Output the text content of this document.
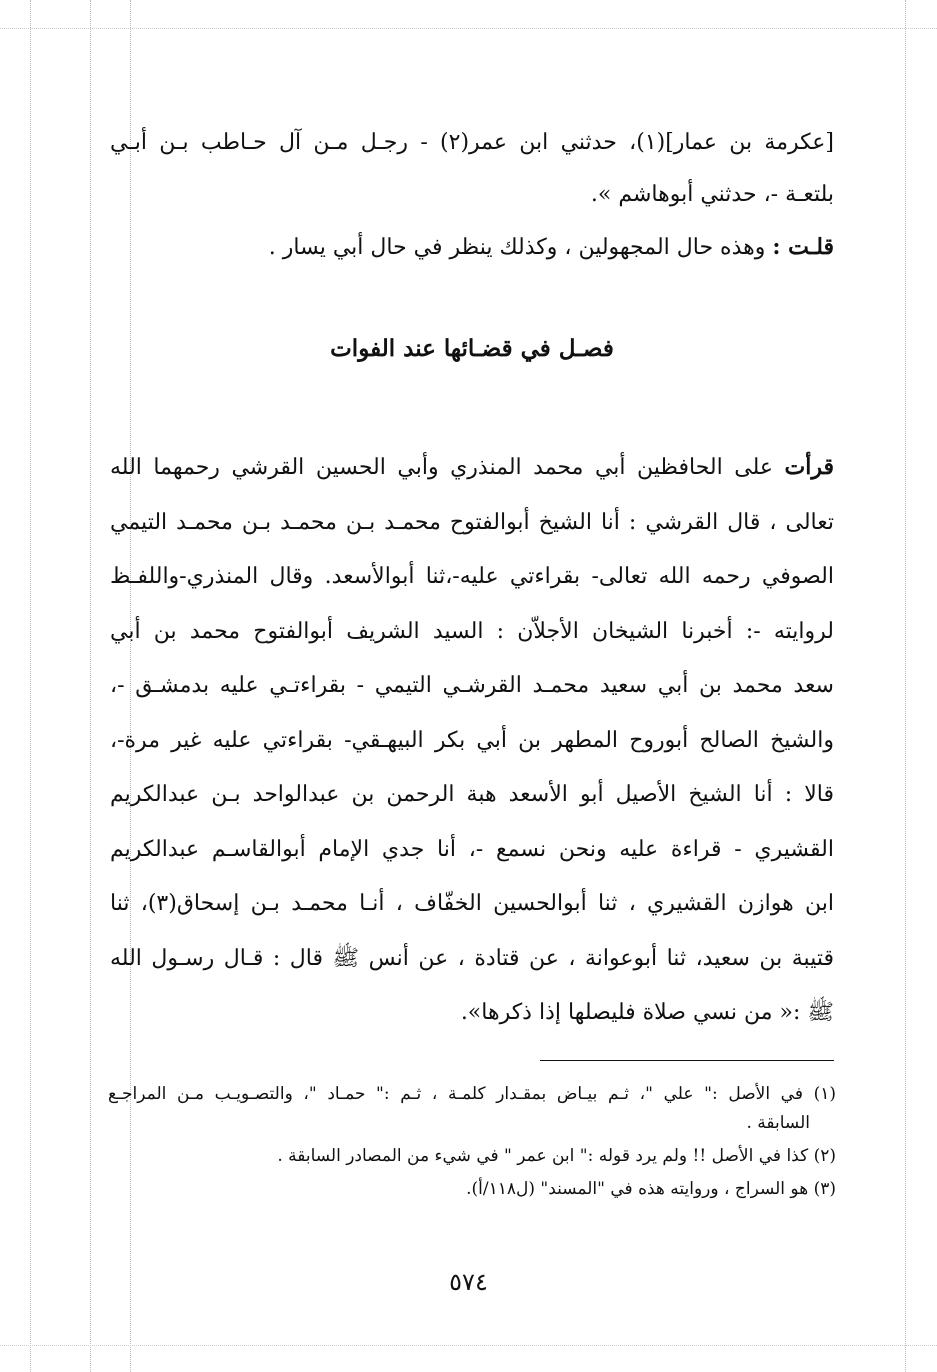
[عكرمة بن عمار](١)، حدثني ابن عمر(٢) - رجـل مـن آل حـاطب بـن أبـي
بلتعـة -، حدثني أبوهاشم ».
قلـت : وهذه حال المجهولين ، وكذلك ينظر في حال أبي يسار .
فصـل في قضـائها عند الفوات
قرأت على الحافظين أبي محمد المنذري وأبي الحسين القرشي رحمهما الله
تعالى ، قال القرشي : أنا الشيخ أبوالفتوح محمـد بـن محمـد بـن محمـد التيمي
الصوفي رحمه الله تعالى- بقراءتي عليه-،ثنا أبوالأسعد. وقال المنذري-واللفـظ
لروايته -: أخبرنا الشيخان الأجلاّن : السيد الشريف أبوالفتوح محمد بن أبي
سعد محمد بن أبي سعيد محمـد القرشـي التيمي - بقراءتـي عليه بدمشـق -،
والشيخ الصالح أبوروح المطهر بن أبي بكر البيهـقي- بقراءتي عليه غير مرة-،
قالا : أنا الشيخ الأصيل أبو الأسعد هبة الرحمن بن عبدالواحد بـن عبدالكريم
القشيري - قراءة عليه ونحن نسمع -، أنا جدي الإمام أبوالقاسـم عبدالكريم
ابن هوازن القشيري ، ثنا أبوالحسين الخفّاف ، أنـا محمـد بـن إسحاق(٣)، ثنا
قتيبة بن سعيد، ثنا أبوعوانة ، عن قتادة ، عن أنس ﷺ قال : قـال رسـول الله
ﷺ :« من نسي صلاة فليصلها إذا ذكرها».
(١) في الأصل :" علي "، ثـم بيـاض بمقـدار كلمـة ، ثـم :" حمـاد "، والتصـويـب مـن المراجـع
السابقة .
(٢) كذا في الأصل !! ولم يرد قوله :" ابن عمر " في شيء من المصادر السابقة .
(٣) هو السراج ، وروايته هذه في "المسند" (ل١١٨/أ).
٥٧٤
